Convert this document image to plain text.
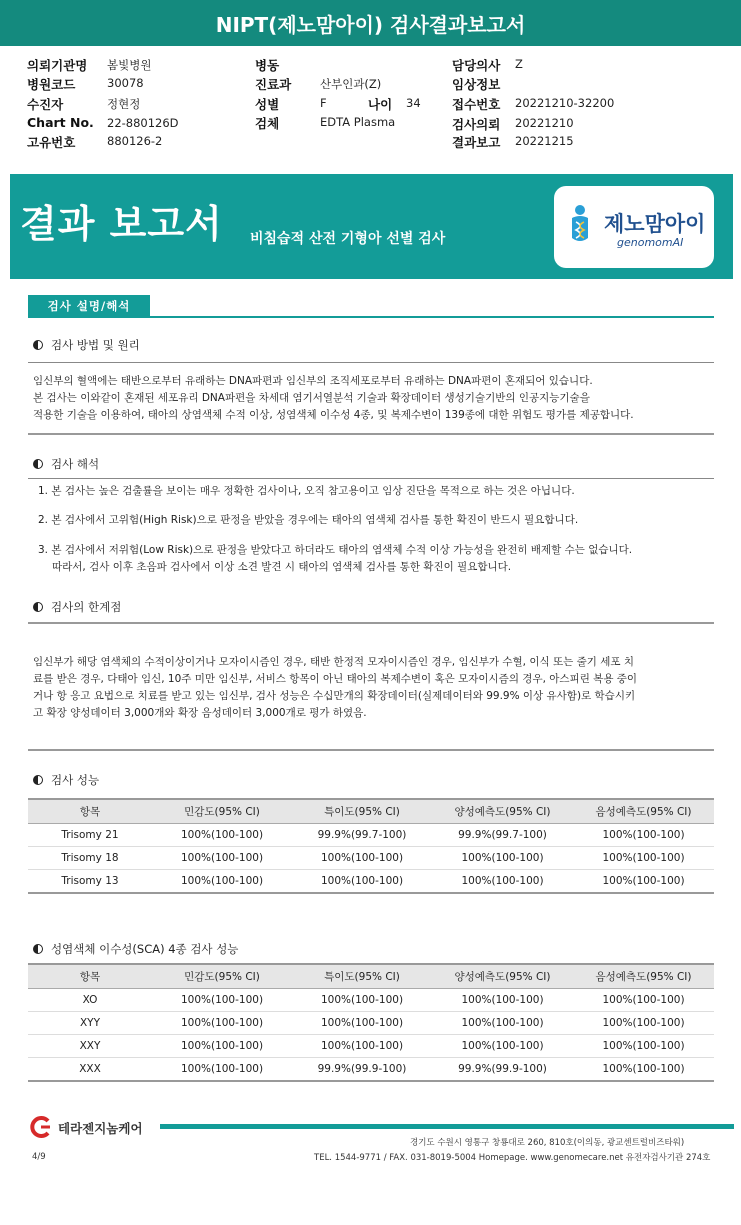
NIPT(제노맘아이) 검사결과보고서
의뢰기관명 봄빛병원
병원코드	30078
수진자	정현정
Chart No. 22-880126D
고유번호	880126-2
병동
진료과	산부인과(Z)
성별	F	나이 34
검체	EDTA Plasma
담당의사 Z
임상정보
접수번호 20221210-32200
검사의뢰 20221210
결과보고 20221215
결과 보고서 비침습적 산전 기형아 선별 검사
제노맘아이
genomomAI
검사 설명/해석
검사 방법 및 원리
임신부의 혈액에는 태반으로부터 유래하는 DNA파편과 임신부의 조직세포로부터 유래하는 DNA파편이 혼재되어 있습니다.
본 검사는 이와같이 혼재된 세포유리 DNA파편을 차세대 염기서열분석 기술과 확장데이터 생성기술기반의 인공지능기술을
적용한 기술을 이용하여, 태아의 상염색체 수적 이상, 성염색체 이수성 4종, 및 복제수변이 139종에 대한 위험도 평가를 제공합니다.
검사 해석
1. 본 검사는 높은 검출률을 보이는 매우 정확한 검사이나, 오직 참고용이고 임상 진단을 목적으로 하는 것은 아닙니다.
2. 본 검사에서 고위험(High Risk)으로 판정을 받았을 경우에는 태아의 염색체 검사를 통한 확진이 반드시 필요합니다.
3. 본 검사에서 저위험(Low Risk)으로 판정을 받았다고 하더라도 태아의 염색체 수적 이상 가능성을 완전히 배제할 수는 없습니다.
따라서, 검사 이후 초음파 검사에서 이상 소견 발견 시 태아의 염색체 검사를 통한 확진이 필요합니다.
검사의 한계점
임신부가 해당 염색체의 수적이상이거나 모자이시즘인 경우, 태반 한정적 모자이시즘인 경우, 임신부가 수혈, 이식 또는 줄기 세포 치
료를 받은 경우, 다태아 임신, 10주 미만 임신부, 서비스 항목이 아닌 태아의 복제수변이 혹은 모자이시즘의 경우, 아스피린 복용 중이
거나 항 응고 요법으로 치료를 받고 있는 임신부, 검사 성능은 수십만개의 확장데이터(실제데이터와 99.9% 이상 유사함)로 학습시키
고 확장 양성데이터 3,000개와 확장 음성데이터 3,000개로 평가 하였음.
검사 성능
항목	민감도(95% CI)	특이도(95% CI)	양성예측도(95% CI)	음성예측도(95% CI)
Trisomy 21	100%(100-100)	99.9%(99.7-100)	99.9%(99.7-100)	100%(100-100)
Trisomy 18	100%(100-100)	100%(100-100)	100%(100-100)	100%(100-100)
Trisomy 13	100%(100-100)	100%(100-100)	100%(100-100)	100%(100-100)
성염색체 이수성(SCA) 4종 검사 성능
항목	민감도(95% CI)	특이도(95% CI)	양성예측도(95% CI)	음성예측도(95% CI)
XO	100%(100-100)	100%(100-100)	100%(100-100)	100%(100-100)
XYY	100%(100-100)	100%(100-100)	100%(100-100)	100%(100-100)
XXY	100%(100-100)	100%(100-100)	100%(100-100)	100%(100-100)
XXX	100%(100-100)	99.9%(99.9-100)	99.9%(99.9-100)	100%(100-100)
테라젠지놈케어
경기도 수원시 영통구 창룡대로 260, 810호(이의동, 광교센트럴비즈타워)
TEL. 1544-9771 / FAX. 031-8019-5004 Homepage. www.genomecare.net 유전자검사기관 274호
4/9
